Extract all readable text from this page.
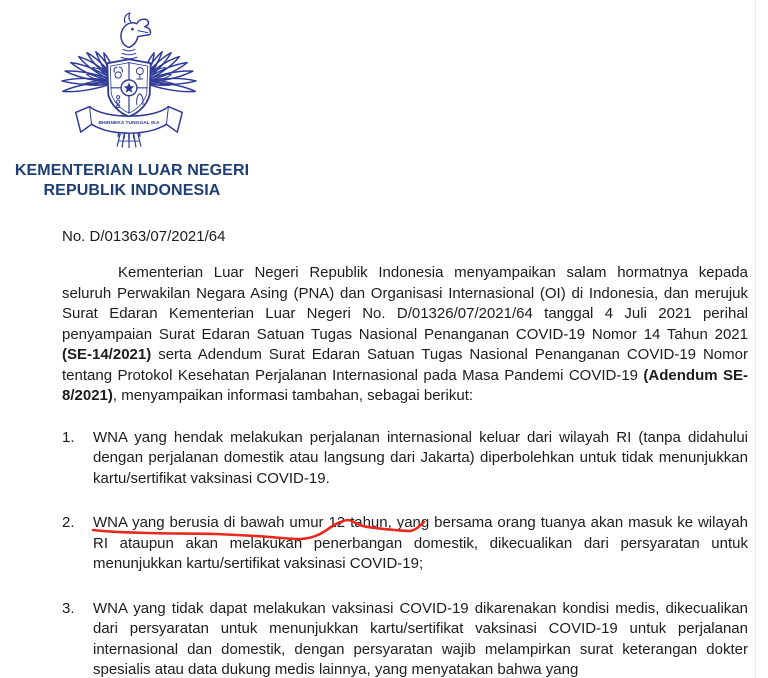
BHINNEKA TUNGGAL IKA
KEMENTERIAN LUAR NEGERI
REPUBLIK INDONESIA
No. D/01363/07/2021/64

Kementerian Luar Negeri Republik Indonesia menyampaikan salam hormatnya kepada seluruh Perwakilan Negara Asing (PNA) dan Organisasi Internasional (OI) di Indonesia, dan merujuk Surat Edaran Kementerian Luar Negeri No. D/01326/07/2021/64 tanggal 4 Juli 2021 perihal penyampaian Surat Edaran Satuan Tugas Nasional Penanganan COVID-19 Nomor 14 Tahun 2021 (SE-14/2021) serta Adendum Surat Edaran Satuan Tugas Nasional Penanganan COVID-19 Nomor tentang Protokol Kesehatan Perjalanan Internasional pada Masa Pandemi COVID-19 (Adendum SE-8/2021), menyampaikan informasi tambahan, sebagai berikut:

1.	WNA yang hendak melakukan perjalanan internasional keluar dari wilayah RI (tanpa didahului dengan perjalanan domestik atau langsung dari Jakarta) diperbolehkan untuk tidak menunjukkan kartu/sertifikat vaksinasi COVID-19.
2.	WNA yang berusia di bawah umur 12 tahun, yang bersama orang tuanya akan masuk ke wilayah RI ataupun akan melakukan penerbangan domestik, dikecualikan dari persyaratan untuk menunjukkan kartu/sertifikat vaksinasi COVID-19;
3.	WNA yang tidak dapat melakukan vaksinasi COVID-19 dikarenakan kondisi medis, dikecualikan dari persyaratan untuk menunjukkan kartu/sertifikat vaksinasi COVID-19 untuk perjalanan internasional dan domestik, dengan persyaratan wajib melampirkan surat keterangan dokter spesialis atau data dukung medis lainnya, yang menyatakan bahwa yang
